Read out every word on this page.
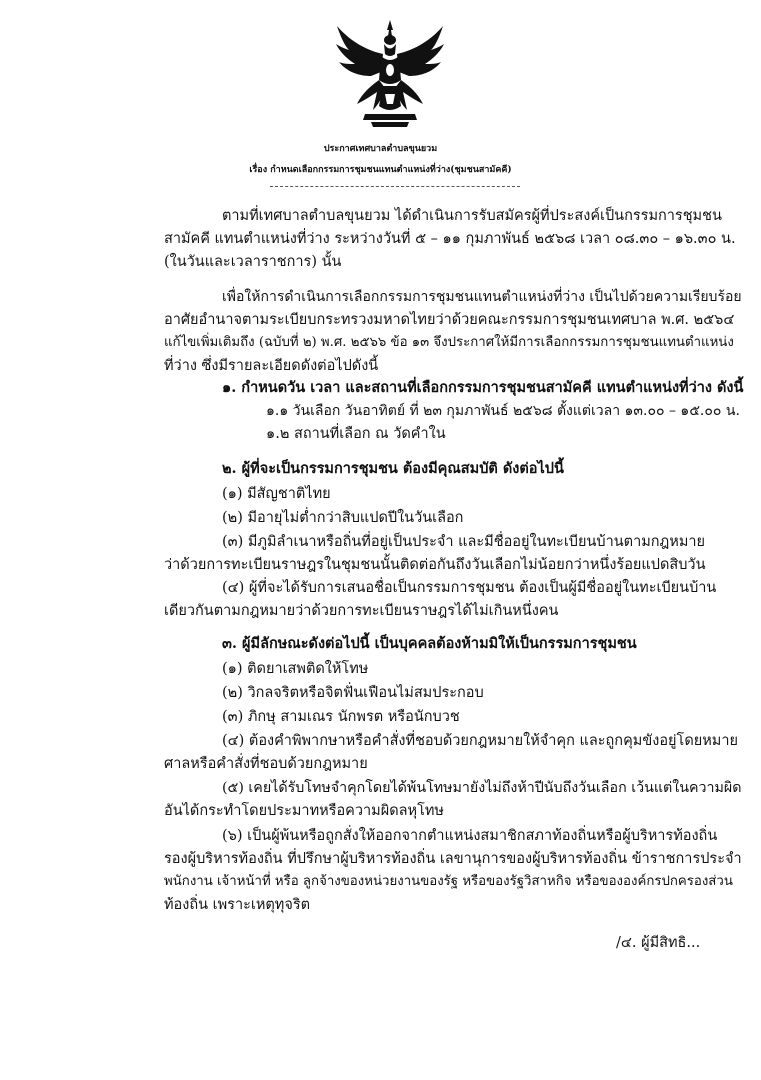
ประกาศเทศบาลตำบลขุนยวม
เรื่อง กำหนดเลือกกรรมการชุมชนแทนตำแหน่งที่ว่าง(ชุมชนสามัคคี)
ตามที่เทศบาลตำบลขุนยวม ได้ดำเนินการรับสมัครผู้ที่ประสงค์เป็นกรรมการชุมชน
สามัคคี แทนตำแหน่งที่ว่าง ระหว่างวันที่ ๕ – ๑๑ กุมภาพันธ์ ๒๕๖๘ เวลา ๐๘.๓๐ – ๑๖.๓๐ น.
(ในวันและเวลาราชการ) นั้น
เพื่อให้การดำเนินการเลือกกรรมการชุมชนแทนตำแหน่งที่ว่าง เป็นไปด้วยความเรียบร้อย
อาศัยอำนาจตามระเบียบกระทรวงมหาดไทยว่าด้วยคณะกรรมการชุมชนเทศบาล พ.ศ. ๒๕๖๔
แก้ไขเพิ่มเติมถึง (ฉบับที่ ๒) พ.ศ. ๒๕๖๖ ข้อ ๑๓ จึงประกาศให้มีการเลือกกรรมการชุมชนแทนตำแหน่ง
ที่ว่าง ซึ่งมีรายละเอียดดังต่อไปดังนี้
๑. กำหนดวัน เวลา และสถานที่เลือกกรรมการชุมชนสามัคคี แทนตำแหน่งที่ว่าง ดังนี้
๑.๑ วันเลือก วันอาทิตย์ ที่ ๒๓ กุมภาพันธ์ ๒๕๖๘ ตั้งแต่เวลา ๑๓.๐๐ – ๑๕.๐๐ น.
๑.๒ สถานที่เลือก ณ วัดคำใน
๒. ผู้ที่จะเป็นกรรมการชุมชน ต้องมีคุณสมบัติ ดังต่อไปนี้
(๑) มีสัญชาติไทย
(๒) มีอายุไม่ต่ำกว่าสิบแปดปีในวันเลือก
(๓) มีภูมิลำเนาหรือถิ่นที่อยู่เป็นประจำ และมีชื่ออยู่ในทะเบียนบ้านตามกฎหมาย
ว่าด้วยการทะเบียนราษฎรในชุมชนนั้นติดต่อกันถึงวันเลือกไม่น้อยกว่าหนึ่งร้อยแปดสิบวัน
(๔) ผู้ที่จะได้รับการเสนอชื่อเป็นกรรมการชุมชน ต้องเป็นผู้มีชื่ออยู่ในทะเบียนบ้าน
เดียวกันตามกฎหมายว่าด้วยการทะเบียนราษฎรได้ไม่เกินหนึ่งคน
๓. ผู้มีลักษณะดังต่อไปนี้ เป็นบุคคลต้องห้ามมิให้เป็นกรรมการชุมชน
(๑) ติดยาเสพติดให้โทษ
(๒) วิกลจริตหรือจิตฟั่นเฟือนไม่สมประกอบ
(๓) ภิกษุ สามเณร นักพรต หรือนักบวช
(๔) ต้องคำพิพากษาหรือคำสั่งที่ชอบด้วยกฎหมายให้จำคุก และถูกคุมขังอยู่โดยหมาย
ศาลหรือคำสั่งที่ชอบด้วยกฎหมาย
(๕) เคยได้รับโทษจำคุกโดยได้พ้นโทษมายังไม่ถึงห้าปีนับถึงวันเลือก เว้นแต่ในความผิด
อันได้กระทำโดยประมาทหรือความผิดลหุโทษ
(๖) เป็นผู้พ้นหรือถูกสั่งให้ออกจากตำแหน่งสมาชิกสภาท้องถิ่นหรือผู้บริหารท้องถิ่น
รองผู้บริหารท้องถิ่น ที่ปรึกษาผู้บริหารท้องถิ่น เลขานุการของผู้บริหารท้องถิ่น ข้าราชการประจำ
พนักงาน เจ้าหน้าที่ หรือ ลูกจ้างของหน่วยงานของรัฐ หรือของรัฐวิสาหกิจ หรือขององค์กรปกครองส่วน
ท้องถิ่น เพราะเหตุทุจริต
/๔. ผู้มีสิทธิ...
